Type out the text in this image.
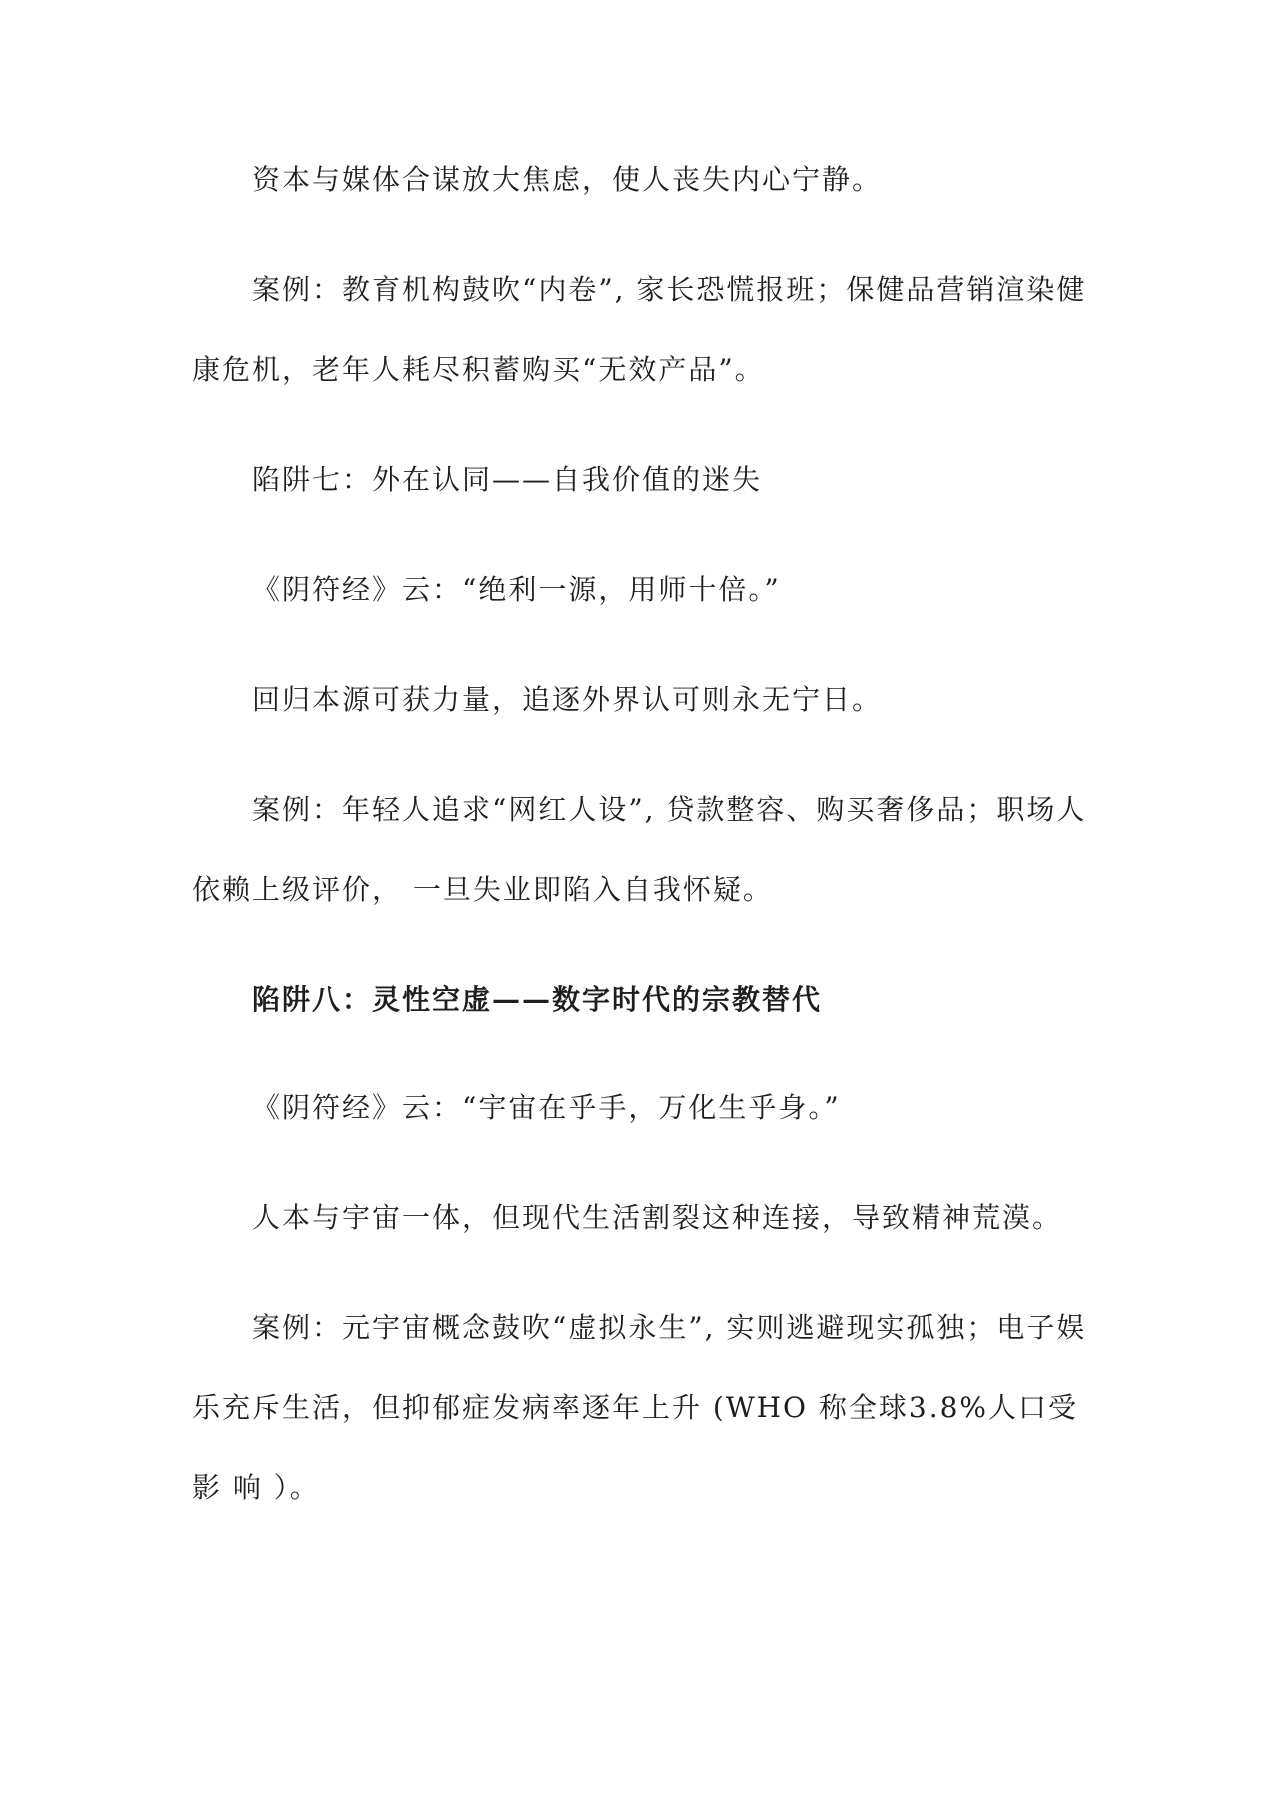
资本与媒体合谋放大焦虑，使人丧失内心宁静。
案例：教育机构鼓吹“内卷”, 家长恐慌报班；保健品营销渲染健
康危机，老年人耗尽积蓄购买“无效产品”。
陷阱七：外在认同——自我价值的迷失
《阴符经》云：“绝利一源，用师十倍。”
回归本源可获力量，追逐外界认可则永无宁日。
案例：年轻人追求“网红人设”, 贷款整容、购买奢侈品；职场人
依赖上级评价， 一旦失业即陷入自我怀疑。
陷阱八：灵性空虚——数字时代的宗教替代
《阴符经》云：“宇宙在乎手，万化生乎身。”
人本与宇宙一体，但现代生活割裂这种连接，导致精神荒漠。
案例：元宇宙概念鼓吹“虚拟永生”, 实则逃避现实孤独；电子娱
乐充斥生活，但抑郁症发病率逐年上升 (WHO 称全球3.8%人口受
影 响 ）。
